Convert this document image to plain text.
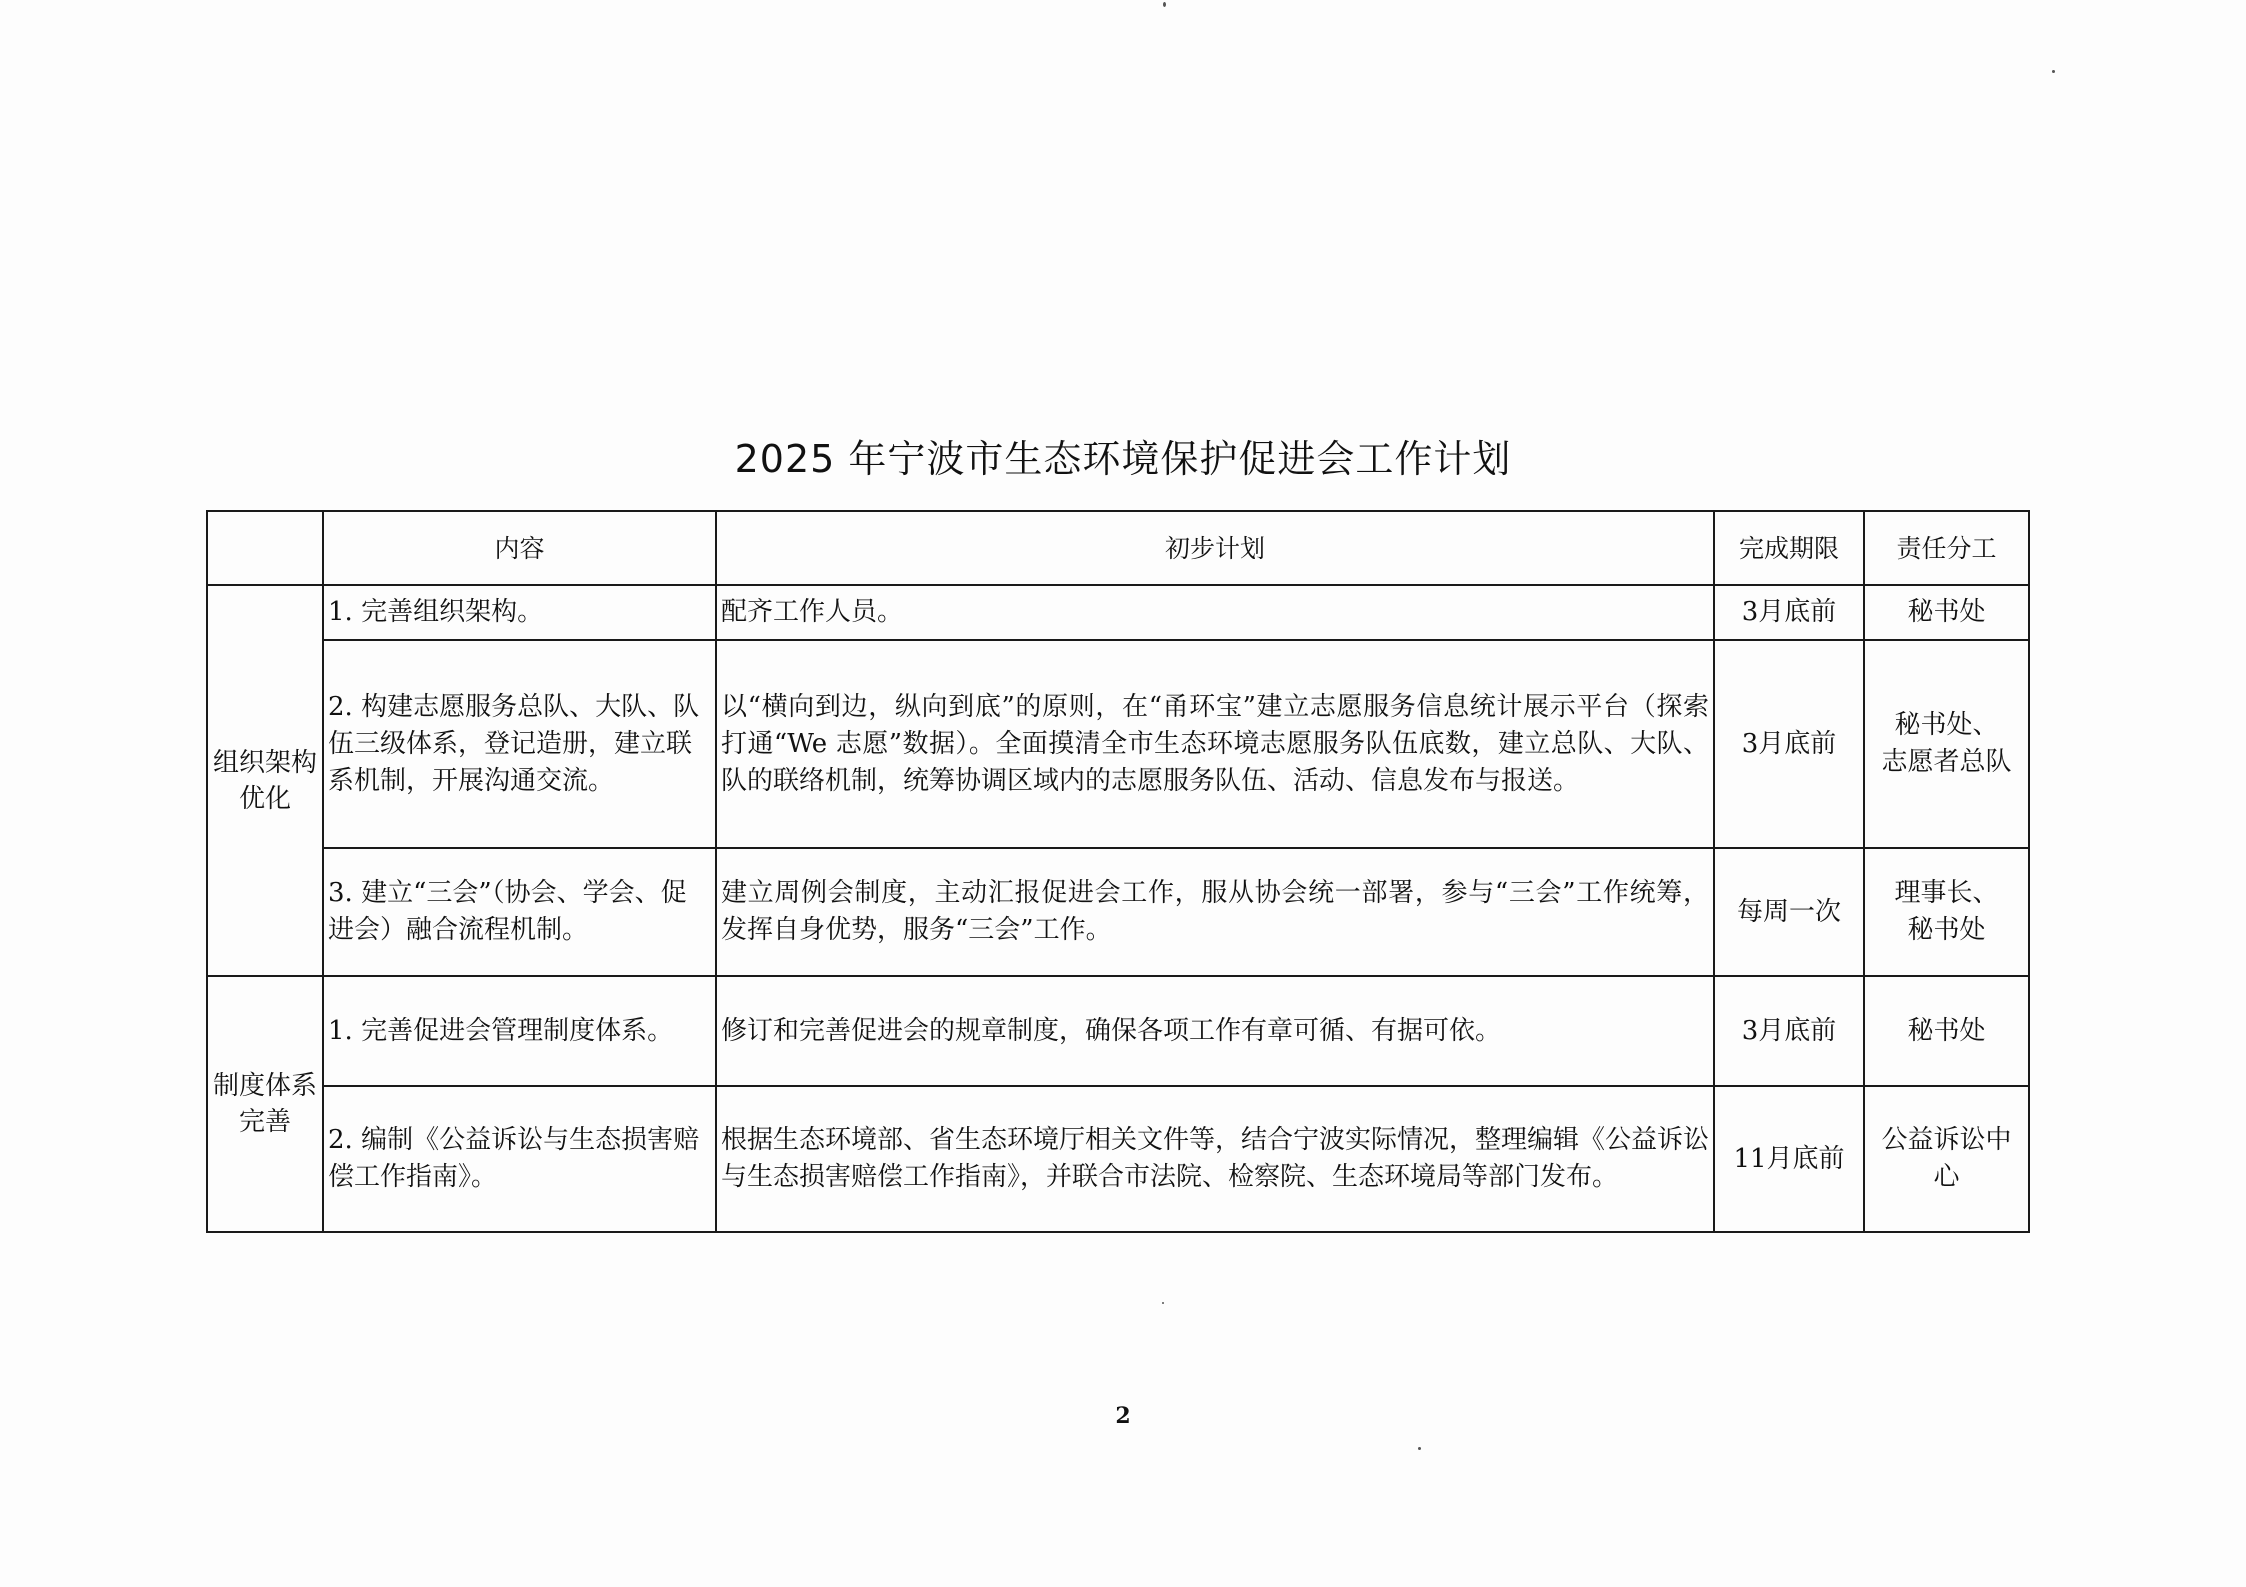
2025 年宁波市生态环境保护促进会工作计划
	内容	初步计划	完成期限	责任分工
组织架构优化	1. 完善组织架构。	配齐工作人员。	3月底前	秘书处
	2. 构建志愿服务总队、大队、队伍三级体系，登记造册，建立联系机制，开展沟通交流。	以“横向到边，纵向到底”的原则，在“甬环宝”建立志愿服务信息统计展示平台（探索打通“We 志愿”数据）。全面摸清全市生态环境志愿服务队伍底数，建立总队、大队、队的联络机制，统筹协调区域内的志愿服务队伍、活动、信息发布与报送。	3月底前	秘书处、
志愿者总队
	3. 建立“三会”（协会、学会、促进会）融合流程机制。	建立周例会制度，主动汇报促进会工作，服从协会统一部署，参与“三会”工作统筹，发挥自身优势，服务“三会”工作。	每周一次	理事长、
秘书处
制度体系完善	1. 完善促进会管理制度体系。	修订和完善促进会的规章制度，确保各项工作有章可循、有据可依。	3月底前	秘书处
	2. 编制《公益诉讼与生态损害赔偿工作指南》。	根据生态环境部、省生态环境厅相关文件等，结合宁波实际情况，整理编辑《公益诉讼与生态损害赔偿工作指南》，并联合市法院、检察院、生态环境局等部门发布。	11月底前	公益诉讼中心
2
